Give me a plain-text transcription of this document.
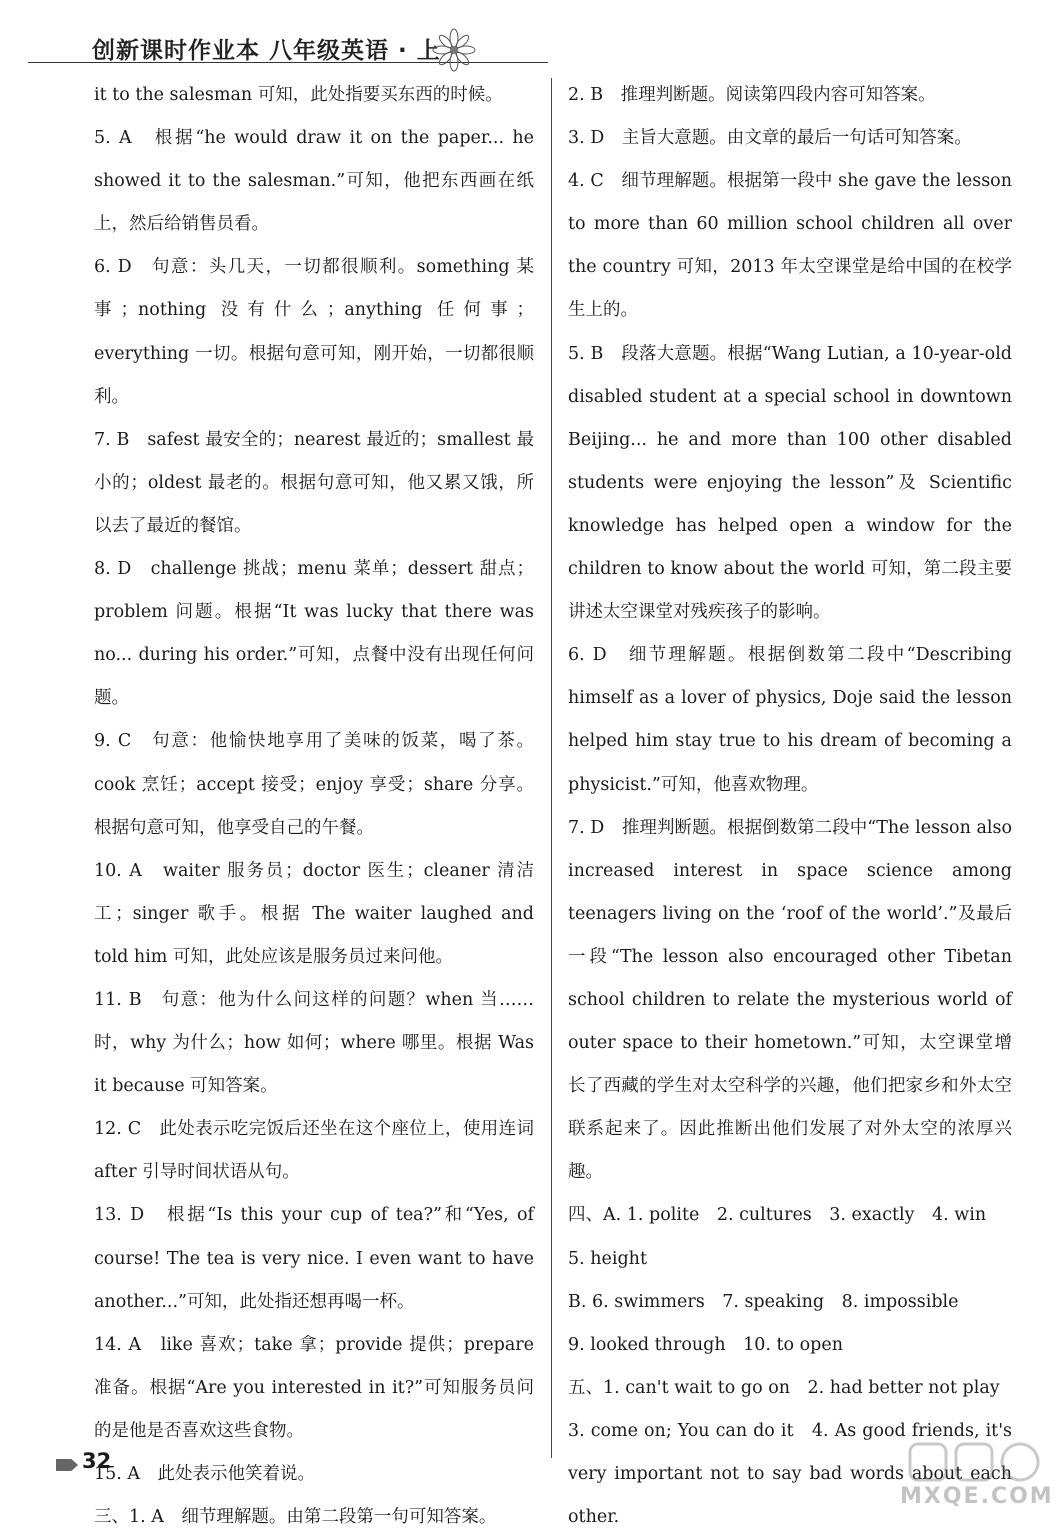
创新课时作业本 八年级英语 · 上

it to the salesman 可知，此处指要买东西的时候。

5. A　根据“he would draw it on the paper... he showed it to the salesman.”可知，他把东西画在纸上，然后给销售员看。

6. D　句意：头几天，一切都很顺利。something 某事；nothing 没有什么；anything 任何事；everything 一切。根据句意可知，刚开始，一切都很顺利。

7. B　safest 最安全的；nearest 最近的；smallest 最小的；oldest 最老的。根据句意可知，他又累又饿，所以去了最近的餐馆。

8. D　challenge 挑战；menu 菜单；dessert 甜点；problem 问题。根据“It was lucky that there was no... during his order.”可知，点餐中没有出现任何问题。

9. C　句意：他愉快地享用了美味的饭菜，喝了茶。cook 烹饪；accept 接受；enjoy 享受；share 分享。根据句意可知，他享受自己的午餐。

10. A　waiter 服务员；doctor 医生；cleaner 清洁工；singer 歌手。根据 The waiter laughed and told him 可知，此处应该是服务员过来问他。

11. B　句意：他为什么问这样的问题？when 当……时，why 为什么；how 如何；where 哪里。根据 Was it because 可知答案。

12. C　此处表示吃完饭后还坐在这个座位上，使用连词 after 引导时间状语从句。

13. D　根据“Is this your cup of tea?”和“Yes, of course! The tea is very nice. I even want to have another...”可知，此处指还想再喝一杯。

14. A　like 喜欢；take 拿；provide 提供；prepare 准备。根据“Are you interested in it?”可知服务员问的是他是否喜欢这些食物。

15. A　此处表示他笑着说。

三、1. A　细节理解题。由第二段第一句可知答案。

2. B　推理判断题。阅读第四段内容可知答案。

3. D　主旨大意题。由文章的最后一句话可知答案。

4. C　细节理解题。根据第一段中 she gave the lesson to more than 60 million school children all over the country 可知，2013 年太空课堂是给中国的在校学生上的。

5. B　段落大意题。根据“Wang Lutian, a 10-year-old disabled student at a special school in downtown Beijing... he and more than 100 other disabled students were enjoying the lesson”及 Scientific knowledge has helped open a window for the children to know about the world 可知，第二段主要讲述太空课堂对残疾孩子的影响。

6. D　细节理解题。根据倒数第二段中“Describing himself as a lover of physics, Doje said the lesson helped him stay true to his dream of becoming a physicist.”可知，他喜欢物理。

7. D　推理判断题。根据倒数第二段中“The lesson also increased interest in space science among teenagers living on the ‘roof of the world’.”及最后一段“The lesson also encouraged other Tibetan school children to relate the mysterious world of outer space to their hometown.”可知，太空课堂增长了西藏的学生对太空科学的兴趣，他们把家乡和外太空联系起来了。因此推断出他们发展了对外太空的浓厚兴趣。

四、A. 1. polite　2. cultures　3. exactly　4. win

5. height

B. 6. swimmers　7. speaking　8. impossible

9. looked through　10. to open

五、1. can't wait to go on　2. had better not play

3. come on; You can do it　4. As good friends, it's very important not to say bad words about each other.

32
MXQE.COM
